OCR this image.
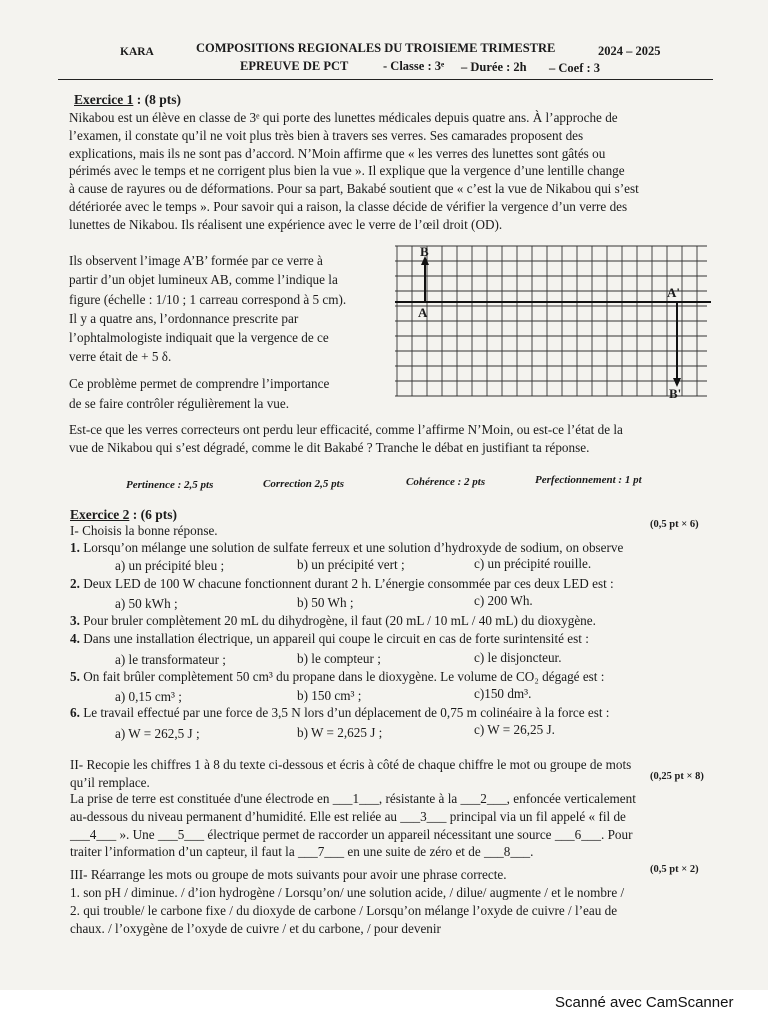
KARA	COMPOSITIONS REGIONALES DU TROISIEME TRIMESTRE	2024 – 2025
EPREUVE DE PCT	- Classe : 3ᵉ – Durée : 2h – Coef : 3
Exercice 1 : (8 pts)
Nikabou est un élève en classe de 3ᵉ qui porte des lunettes médicales depuis quatre ans. À l’approche de
l’examen, il constate qu’il ne voit plus très bien à travers ses verres. Ses camarades proposent des
explications, mais ils ne sont pas d’accord. N’Moin affirme que « les verres des lunettes sont gâtés ou
périmés avec le temps et ne corrigent plus bien la vue ». Il explique que la vergence d’une lentille change
à cause de rayures ou de déformations. Pour sa part, Bakabé soutient que « c’est la vue de Nikabou qui s’est
détériorée avec le temps ». Pour savoir qui a raison, la classe décide de vérifier la vergence d’un verre des
lunettes de Nikabou. Ils réalisent une expérience avec le verre de l’œil droit (OD).
Ils observent l’image A’B’ formée par ce verre à
partir d’un objet lumineux AB, comme l’indique la
figure (échelle : 1/10 ; 1 carreau correspond à 5 cm).
Il y a quatre ans, l’ordonnance prescrite par
l’ophtalmologiste indiquait que la vergence de ce
verre était de + 5 δ.
Ce problème permet de comprendre l’importance
de se faire contrôler régulièrement la vue.
B
A
A'
B'
Est-ce que les verres correcteurs ont perdu leur efficacité, comme l’affirme N’Moin, ou est-ce l’état de la
vue de Nikabou qui s’est dégradé, comme le dit Bakabé ? Tranche le débat en justifiant ta réponse.
Pertinence : 2,5 pts	Correction 2,5 pts	Cohérence : 2 pts	Perfectionnement : 1 pt
Exercice 2 : (6 pts)
I- Choisis la bonne réponse.	(0,5 pt × 6)
1. Lorsqu’on mélange une solution de sulfate ferreux et une solution d’hydroxyde de sodium, on observe
a) un précipité bleu ;	b) un précipité vert ;	c) un précipité rouille.
2. Deux LED de 100 W chacune fonctionnent durant 2 h. L’énergie consommée par ces deux LED est :
a) 50 kWh ;	b) 50 Wh ;	c) 200 Wh.
3. Pour bruler complètement 20 mL du dihydrogène, il faut (20 mL / 10 mL / 40 mL) du dioxygène.
4. Dans une installation électrique, un appareil qui coupe le circuit en cas de forte surintensité est :
a) le transformateur ;	b) le compteur ;	c) le disjoncteur.
5. On fait brûler complètement 50 cm³ du propane dans le dioxygène. Le volume de CO₂ dégagé est :
a) 0,15 cm³ ;	b) 150 cm³ ;	c)150 dm³.
6. Le travail effectué par une force de 3,5 N lors d’un déplacement de 0,75 m colinéaire à la force est :
a) W = 262,5 J ;	b) W = 2,625 J ;	c) W = 26,25 J.
II- Recopie les chiffres 1 à 8 du texte ci-dessous et écris à côté de chaque chiffre le mot ou groupe de mots
qu’il remplace.	(0,25 pt × 8)
La prise de terre est constituée d'une électrode en ___1___, résistante à la ___2___, enfoncée verticalement
au-dessous du niveau permanent d’humidité. Elle est reliée au ___3___ principal via un fil appelé « fil de
___4___ ». Une ___5___ électrique permet de raccorder un appareil nécessitant une source ___6___. Pour
traiter l’information d’un capteur, il faut la ___7___ en une suite de zéro et de ___8___.
III- Réarrange les mots ou groupe de mots suivants pour avoir une phrase correcte.	(0,5 pt × 2)
1. son pH / diminue. / d’ion hydrogène / Lorsqu’on/ une solution acide, / dilue/ augmente / et le nombre /
2. qui trouble/ le carbone fixe / du dioxyde de carbone / Lorsqu’on mélange l’oxyde de cuivre / l’eau de
chaux. / l’oxygène de l’oxyde de cuivre / et du carbone, / pour devenir
Scanné avec CamScanner
